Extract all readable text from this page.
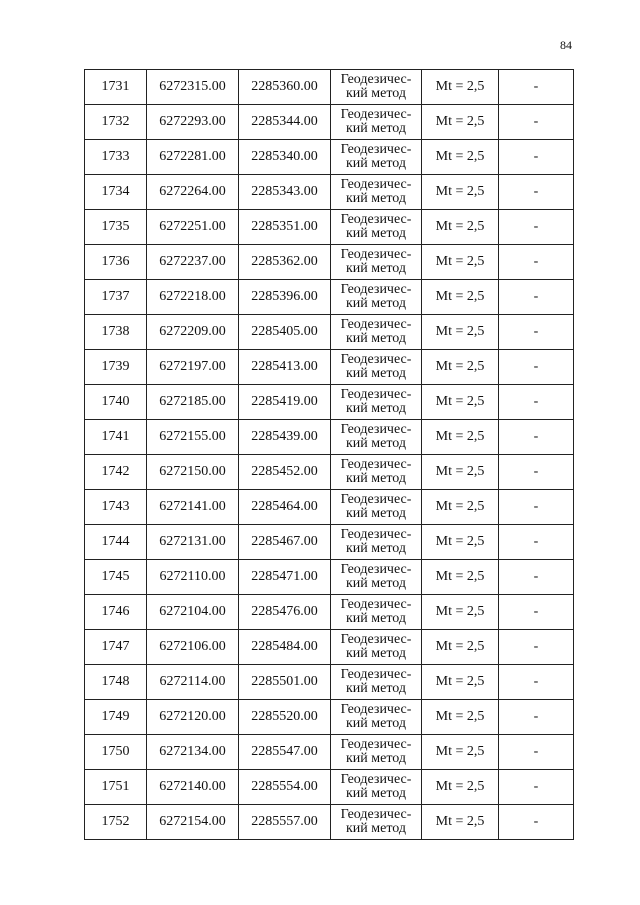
84
1731	6272315.00	2285360.00	Геодезичес-
кий метод	Mt = 2,5	-
1732	6272293.00	2285344.00	Геодезичес-
кий метод	Mt = 2,5	-
1733	6272281.00	2285340.00	Геодезичес-
кий метод	Mt = 2,5	-
1734	6272264.00	2285343.00	Геодезичес-
кий метод	Mt = 2,5	-
1735	6272251.00	2285351.00	Геодезичес-
кий метод	Mt = 2,5	-
1736	6272237.00	2285362.00	Геодезичес-
кий метод	Mt = 2,5	-
1737	6272218.00	2285396.00	Геодезичес-
кий метод	Mt = 2,5	-
1738	6272209.00	2285405.00	Геодезичес-
кий метод	Mt = 2,5	-
1739	6272197.00	2285413.00	Геодезичес-
кий метод	Mt = 2,5	-
1740	6272185.00	2285419.00	Геодезичес-
кий метод	Mt = 2,5	-
1741	6272155.00	2285439.00	Геодезичес-
кий метод	Mt = 2,5	-
1742	6272150.00	2285452.00	Геодезичес-
кий метод	Mt = 2,5	-
1743	6272141.00	2285464.00	Геодезичес-
кий метод	Mt = 2,5	-
1744	6272131.00	2285467.00	Геодезичес-
кий метод	Mt = 2,5	-
1745	6272110.00	2285471.00	Геодезичес-
кий метод	Mt = 2,5	-
1746	6272104.00	2285476.00	Геодезичес-
кий метод	Mt = 2,5	-
1747	6272106.00	2285484.00	Геодезичес-
кий метод	Mt = 2,5	-
1748	6272114.00	2285501.00	Геодезичес-
кий метод	Mt = 2,5	-
1749	6272120.00	2285520.00	Геодезичес-
кий метод	Mt = 2,5	-
1750	6272134.00	2285547.00	Геодезичес-
кий метод	Mt = 2,5	-
1751	6272140.00	2285554.00	Геодезичес-
кий метод	Mt = 2,5	-
1752	6272154.00	2285557.00	Геодезичес-
кий метод	Mt = 2,5	-
